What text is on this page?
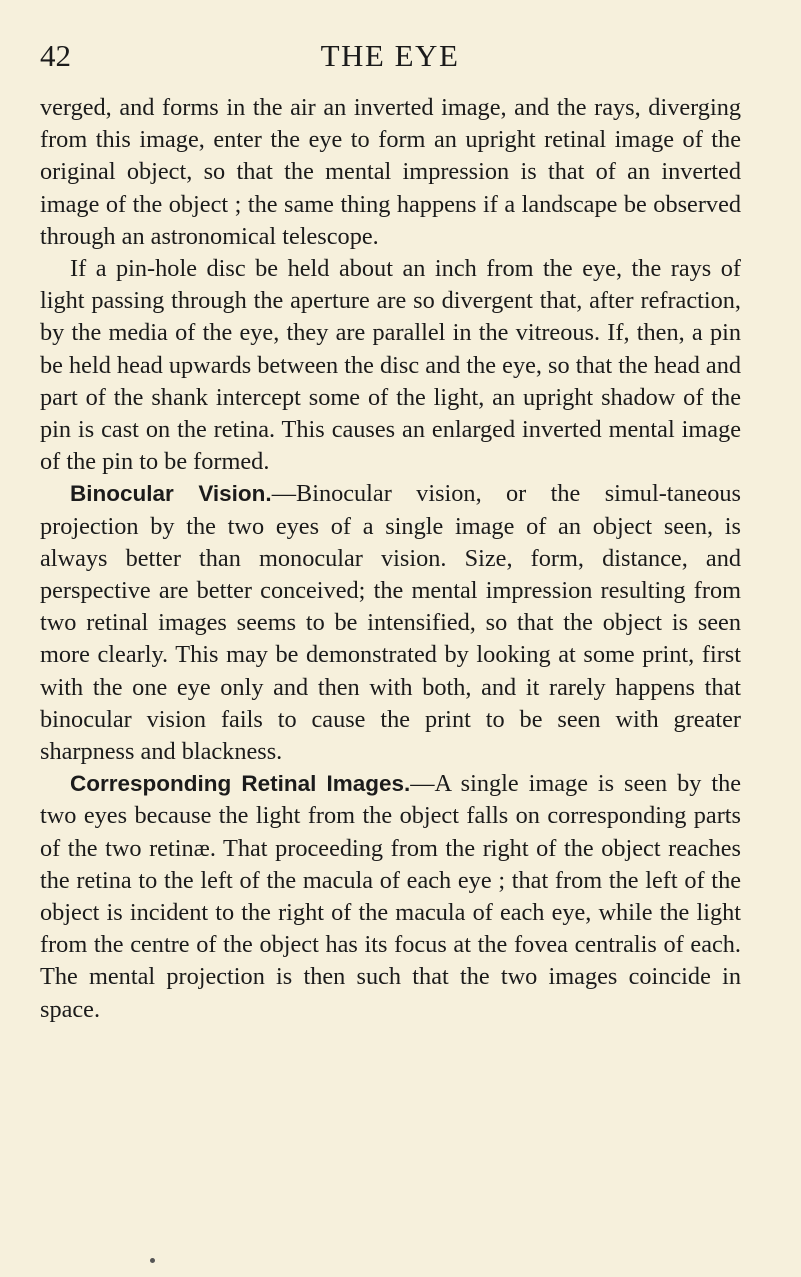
42	THE EYE

verged, and forms in the air an inverted image, and the rays, diverging from this image, enter the eye to form an upright retinal image of the original object, so that the mental impression is that of an inverted image of the object ; the same thing happens if a landscape be observed through an astronomical telescope.

If a pin-hole disc be held about an inch from the eye, the rays of light passing through the aperture are so divergent that, after refraction, by the media of the eye, they are parallel in the vitreous. If, then, a pin be held head upwards between the disc and the eye, so that the head and part of the shank intercept some of the light, an upright shadow of the pin is cast on the retina. This causes an enlarged inverted mental image of the pin to be formed.

Binocular Vision.—Binocular vision, or the simul-taneous projection by the two eyes of a single image of an object seen, is always better than monocular vision. Size, form, distance, and perspective are better conceived; the mental impression resulting from two retinal images seems to be intensified, so that the object is seen more clearly. This may be demonstrated by looking at some print, first with the one eye only and then with both, and it rarely happens that binocular vision fails to cause the print to be seen with greater sharpness and blackness.

Corresponding Retinal Images.—A single image is seen by the two eyes because the light from the object falls on corresponding parts of the two retinæ. That proceeding from the right of the object reaches the retina to the left of the macula of each eye ; that from the left of the object is incident to the right of the macula of each eye, while the light from the centre of the object has its focus at the fovea centralis of each. The mental projection is then such that the two images coincide in space.
